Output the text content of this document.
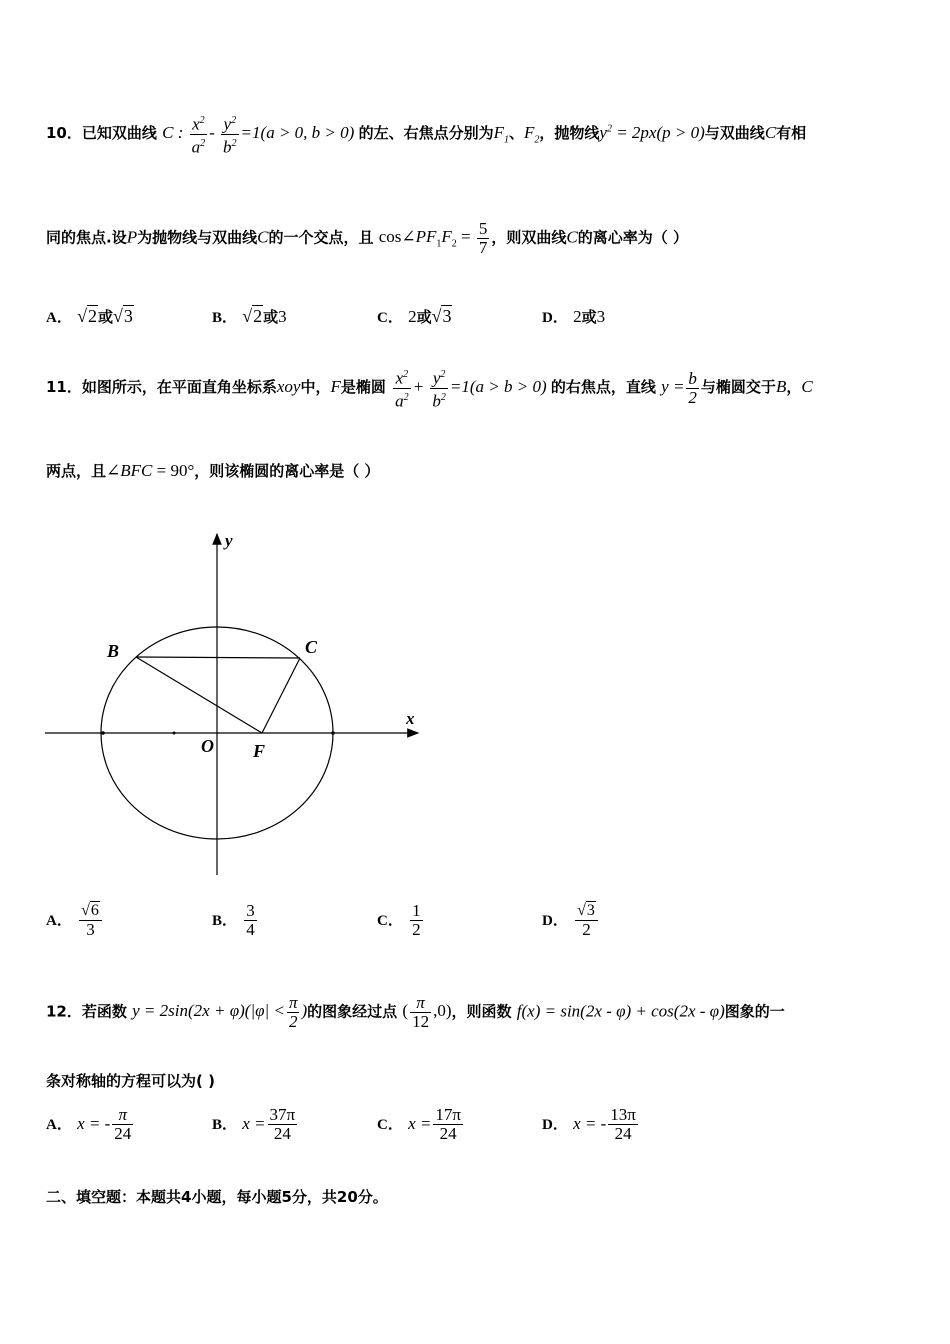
10．已知双曲线 C : $\frac{x^2}{a^2} - \frac{y^2}{b^2} =1(a > 0$, b > 0) 的左、右焦点分别为$F_1$、$F_2$，抛物线$y^2 = 2px(p > 0)$与双曲线C有相
同的焦点.设P为抛物线与双曲线C的一个交点，且 $\cos\angle PF_1F_2 = \frac{5}{7}$ ，则双曲线C的离心率为（ ）
A． √2或√3	B． √2或3	C． 2或√3	D． 2或3
11．如图所示，在平面直角坐标系xoy中，F是椭圆 $\frac{x^2}{a^2} + \frac{y^2}{b^2} =1(a > b > 0)$ 的右焦点，直线 $y = \frac{b}{2}$ 与椭圆交于B，C
两点，且∠BFC = 90°，则该椭圆的离心率是（ ）
y
x
B	C
O F
A． $\frac{√6}{3}$	B． $\frac{3}{4}$	C． $\frac{1}{2}$	D． $\frac{√3}{2}$
12．若函数 $y = 2\sin(2x + \varphi)(|\varphi| < \frac{\pi}{2}$ )的图象经过点 ( $\frac{\pi}{12} ,0$)，则函数 f(x) = sin(2x - φ) + cos(2x - φ)图象的一
条对称轴的方程可以为( )
A． x = - $\frac{\pi}{24}$	B． $x = \frac{37\pi}{24}$	C． $x = \frac{17\pi}{24}$	D． x = - $\frac{13\pi}{24}$
二、填空题：本题共4小题，每小题5分，共20分。
